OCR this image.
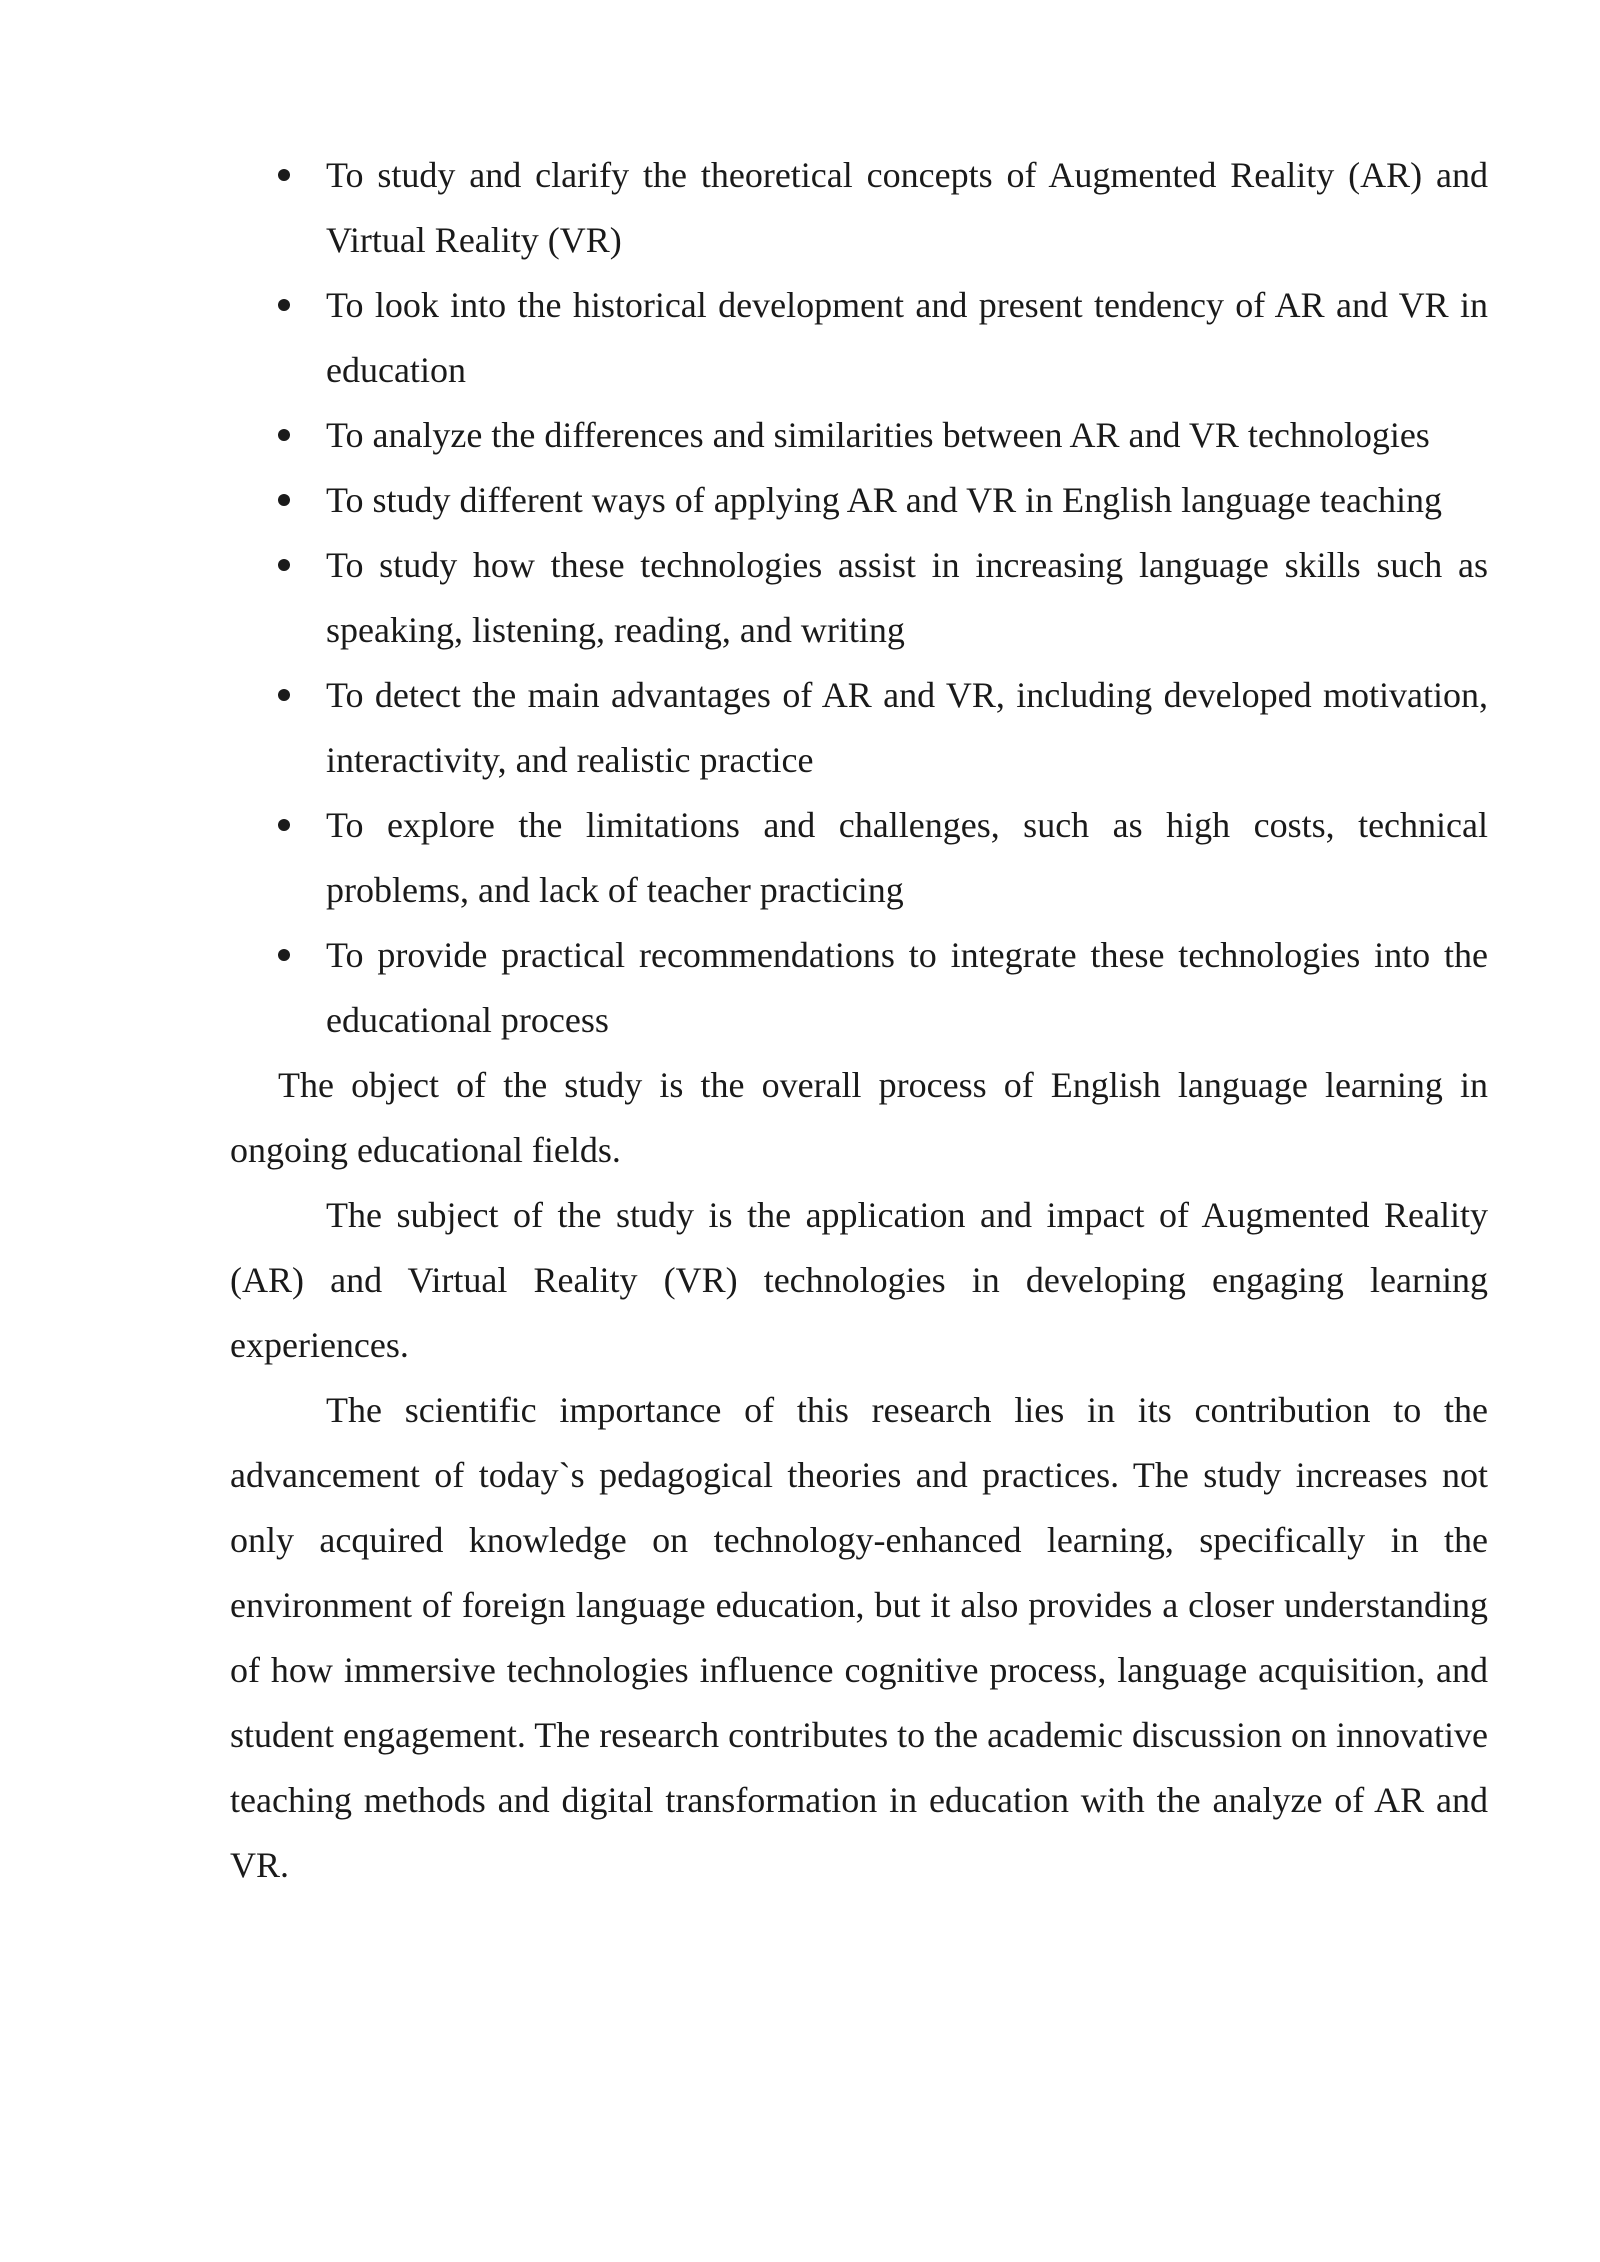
To study and clarify the theoretical concepts of Augmented Reality (AR) and Virtual Reality (VR)
To look into the historical development and present tendency of AR and VR in education
To analyze the differences and similarities between AR and VR technologies
To study different ways of applying AR and VR in English language teaching
To study how these technologies assist in increasing language skills such as speaking, listening, reading, and writing
To detect the main advantages of AR and VR, including developed motivation, interactivity, and realistic practice
To explore the limitations and challenges, such as high costs, technical problems, and lack of teacher practicing
To provide practical recommendations to integrate these technologies into the educational process

The object of the study is the overall process of English language learning in ongoing educational fields.

The subject of the study is the application and impact of Augmented Reality (AR) and Virtual Reality (VR) technologies in developing engaging learning experiences.

The scientific importance of this research lies in its contribution to the advancement of today`s pedagogical theories and practices. The study increases not only acquired knowledge on technology-enhanced learning, specifically in the environment of foreign language education, but it also provides a closer understanding of how immersive technologies influence cognitive process, language acquisition, and student engagement. The research contributes to the academic discussion on innovative teaching methods and digital transformation in education with the analyze of AR and VR.
